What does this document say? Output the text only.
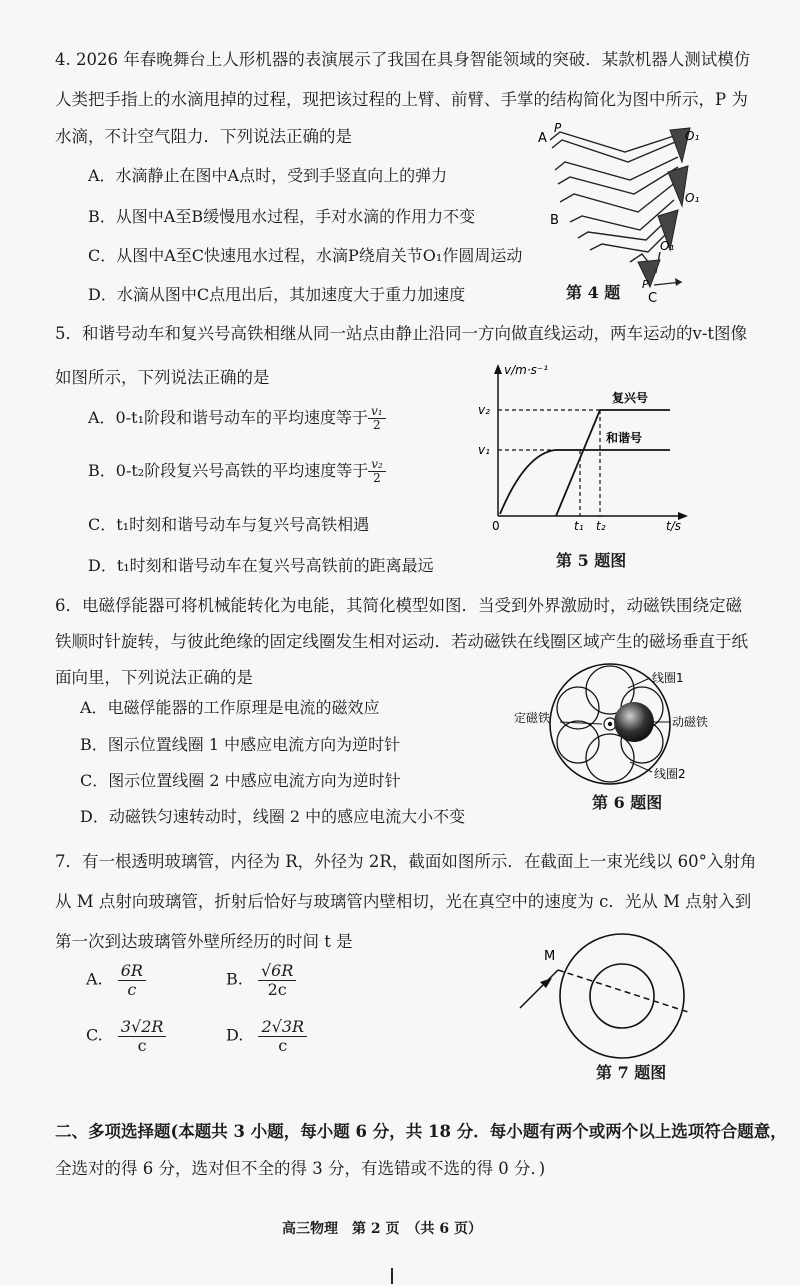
4. 2026 年春晚舞台上人形机器的表演展示了我国在具身智能领域的突破．某款机器人测试模仿
人类把手指上的水滴甩掉的过程，现把该过程的上臂、前臂、手掌的结构简化为图中所示，P 为
水滴，不计空气阻力．下列说法正确的是
A．水滴静止在图中A点时，受到手竖直向上的弹力
B．从图中A至B缓慢甩水过程，手对水滴的作用力不变
C．从图中A至C快速甩水过程，水滴P绕肩关节O₁作圆周运动
D．水滴从图中C点甩出后，其加速度大于重力加速度
A
P
O₁
O₁
O₁
B
C
P
第 4 题
5．和谐号动车和复兴号高铁相继从同一站点由静止沿同一方向做直线运动，两车运动的v-t图像
如图所示，下列说法正确的是
A．0-t₁阶段和谐号动车的平均速度等于 $\frac{\text{v₁}}{2}$
B．0-t₂阶段复兴号高铁的平均速度等于 $\frac{\text{v₂}}{2}$
C．t₁时刻和谐号动车与复兴号高铁相遇
D．t₁时刻和谐号动车在复兴号高铁前的距离最远
v/m·s⁻¹
t/s
0
v₂
v₁
t₁ t₂
复兴号
和谐号
第 5 题图
6．电磁俘能器可将机械能转化为电能，其简化模型如图．当受到外界激励时，动磁铁围绕定磁
铁顺时针旋转，与彼此绝缘的固定线圈发生相对运动．若动磁铁在线圈区域产生的磁场垂直于纸
面向里，下列说法正确的是
A．电磁俘能器的工作原理是电流的磁效应
B．图示位置线圈 1 中感应电流方向为逆时针
C．图示位置线圈 2 中感应电流方向为逆时针
D．动磁铁匀速转动时，线圈 2 中的感应电流大小不变
线圈1
线圈2
定磁铁	动磁铁
第 6 题图
7．有一根透明玻璃管，内径为 R，外径为 2R，截面如图所示．在截面上一束光线以 60°入射角
从 M 点射向玻璃管，折射后恰好与玻璃管内壁相切，光在真空中的速度为 c．光从 M 点射入到
第一次到达玻璃管外壁所经历的时间 t 是
A. $\frac{6R}{c}$	B. $\frac{√6R}{2c}$
C. $\frac{3√2R}{c}$	D. $\frac{2√3R}{c}$
M
第 7 题图
二、多项选择题(本题共 3 小题，每小题 6 分，共 18 分．每小题有两个或两个以上选项符合题意，
全选对的得 6 分，选对但不全的得 3 分，有选错或不选的得 0 分．)
高三物理　第 2 页　（共 6 页）
